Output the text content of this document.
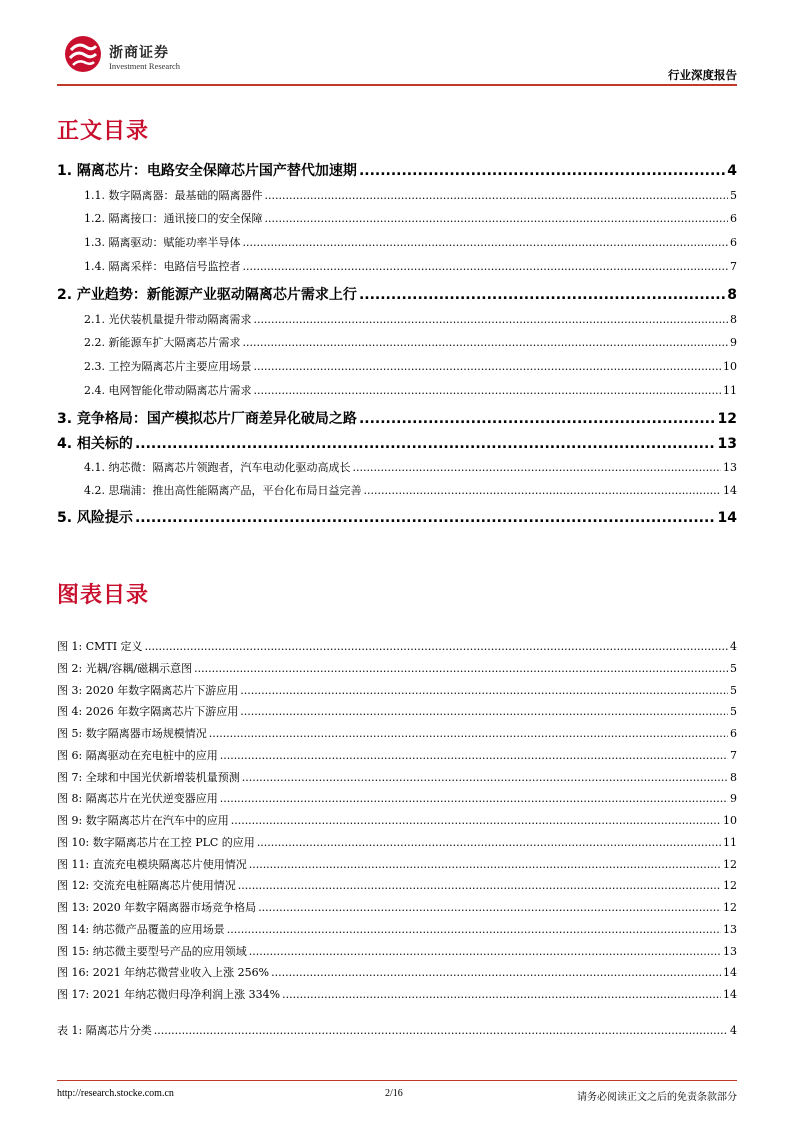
浙商证券
Investment Research
行业深度报告
正文目录
1. 隔离芯片：电路安全保障芯片国产替代加速期 .....	4
1.1. 数字隔离器：最基础的隔离器件 .....	5
1.2. 隔离接口：通讯接口的安全保障 .....	6
1.3. 隔离驱动：赋能功率半导体 .....	6
1.4. 隔离采样：电路信号监控者 .....	7
2. 产业趋势：新能源产业驱动隔离芯片需求上行 .....	8
2.1. 光伏装机量提升带动隔离需求 .....	8
2.2. 新能源车扩大隔离芯片需求 .....	9
2.3. 工控为隔离芯片主要应用场景 .....	10
2.4. 电网智能化带动隔离芯片需求 .....	11
3. 竞争格局：国产模拟芯片厂商差异化破局之路 .....	12
4. 相关标的 .....	13
4.1. 纳芯微：隔离芯片领跑者，汽车电动化驱动高成长 .....	13
4.2. 思瑞浦：推出高性能隔离产品，平台化布局日益完善 .....	14
5. 风险提示 .....	14
图表目录
图 1: CMTI 定义 .....	4
图 2: 光耦/容耦/磁耦示意图 .....	5
图 3: 2020 年数字隔离芯片下游应用 .....	5
图 4: 2026 年数字隔离芯片下游应用 .....	5
图 5: 数字隔离器市场规模情况 .....	6
图 6: 隔离驱动在充电桩中的应用 .....	7
图 7: 全球和中国光伏新增装机量预测 .....	8
图 8: 隔离芯片在光伏逆变器应用 .....	9
图 9: 数字隔离芯片在汽车中的应用 .....	10
图 10: 数字隔离芯片在工控 PLC 的应用 .....	11
图 11: 直流充电模块隔离芯片使用情况 .....	12
图 12: 交流充电桩隔离芯片使用情况 .....	12
图 13: 2020 年数字隔离器市场竞争格局 .....	12
图 14: 纳芯微产品覆盖的应用场景 .....	13
图 15: 纳芯微主要型号产品的应用领域 .....	13
图 16: 2021 年纳芯微营业收入上涨 256% .....	14
图 17: 2021 年纳芯微归母净利润上涨 334% .....	14
表 1: 隔离芯片分类 .....	4
http://research.stocke.com.cn	2/16	请务必阅读正文之后的免责条款部分
